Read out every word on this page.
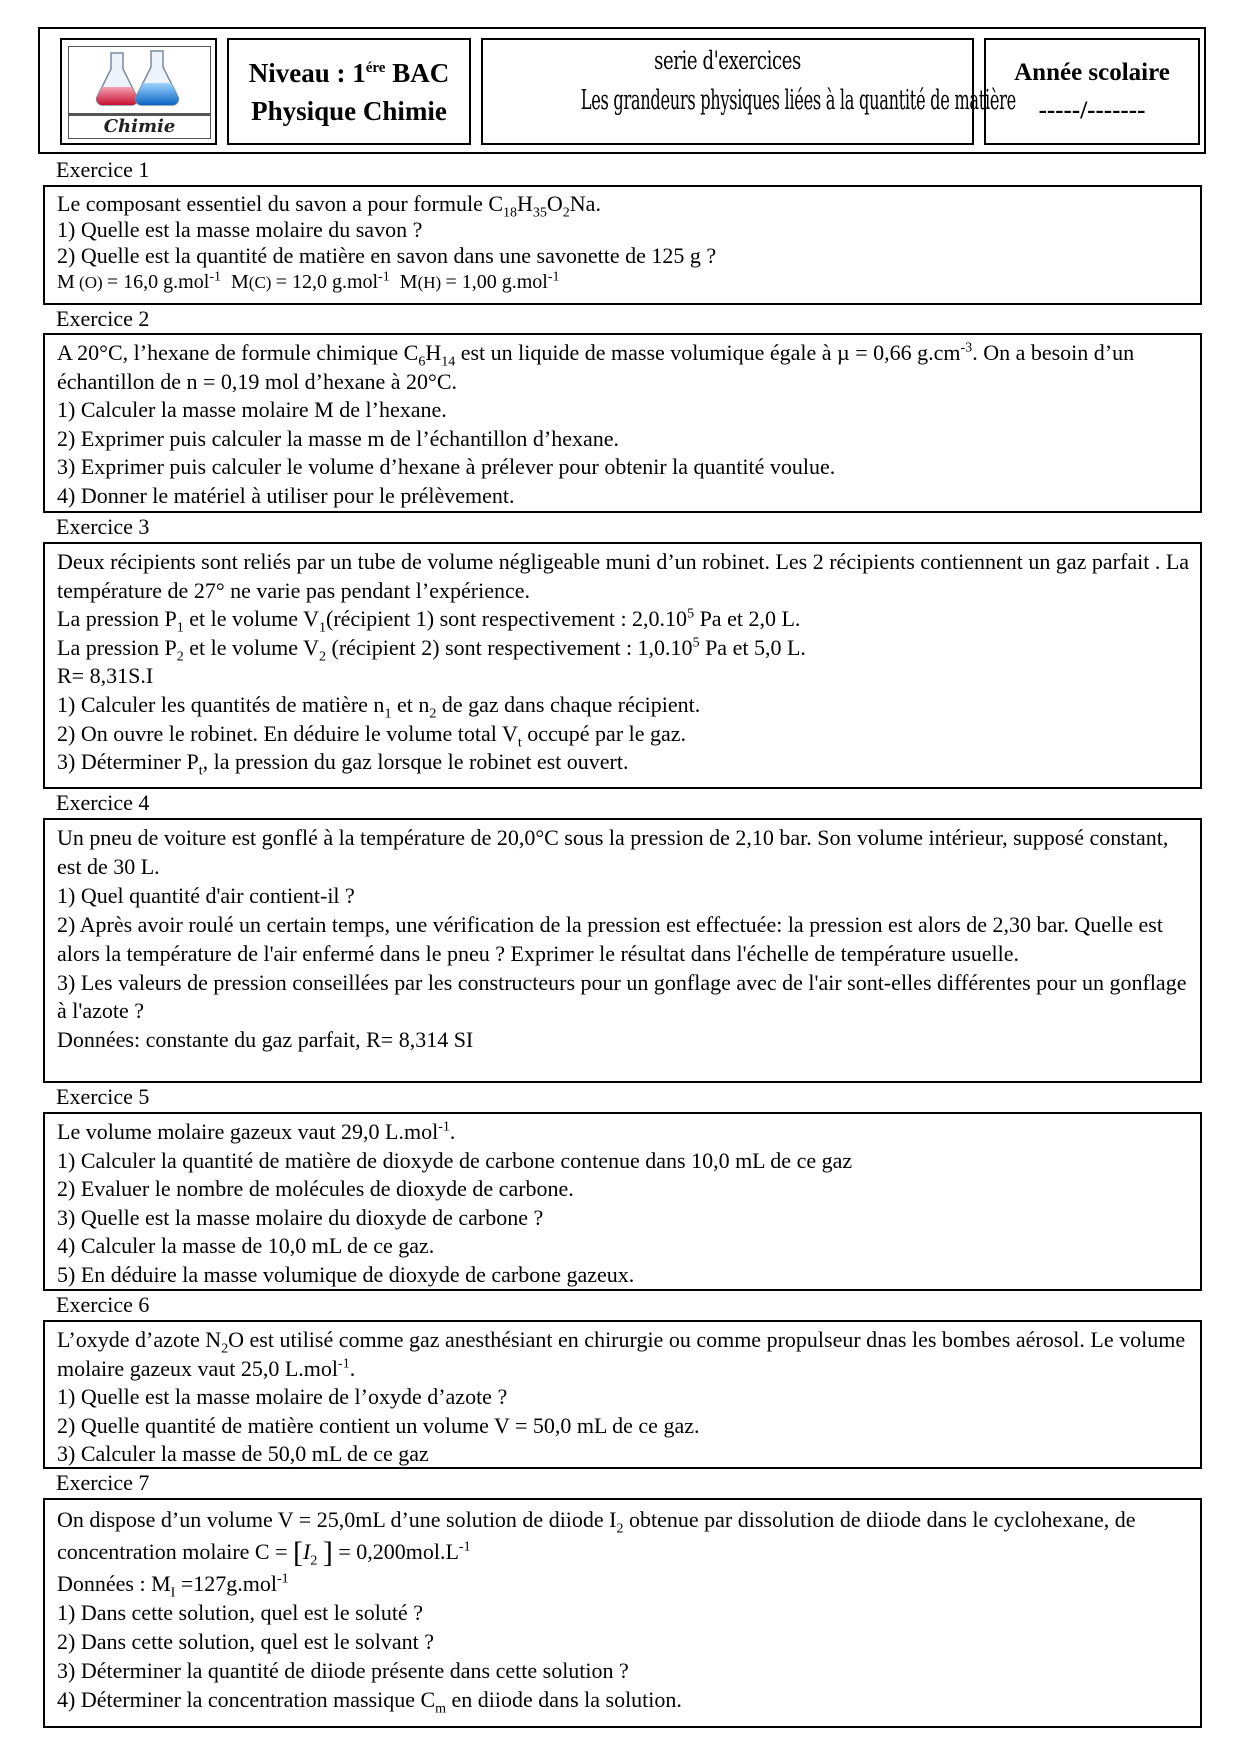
Chimie
Niveau : $1^{ére}$ BAC
Physique Chimie
serie d'exercices
Les grandeurs physiques liées à la quantité de matière
Année scolaire
-----/-------
Exercice 1

Le composant essentiel du savon a pour formule $C_{18}H_{35}O_2Na$.

1) Quelle est la masse molaire du savon ?

2) Quelle est la quantité de matière en savon dans une savonette de 125 g ?

M (O) = 16,0 g.mol$^{-1}$ M(C) = 12,0 g.mol$^{-1}$ M(H) = 1,00 g.mol$^{-1}$

Exercice 2

A 20°C, l’hexane de formule chimique $C_6H_{14}$ est un liquide de masse volumique égale à µ = 0,66 $g.cm^{-3}$. On a besoin d’un échantillon de n = 0,19 mol d’hexane à 20°C.

1) Calculer la masse molaire M de l’hexane.

2) Exprimer puis calculer la masse m de l’échantillon d’hexane.

3) Exprimer puis calculer le volume d’hexane à prélever pour obtenir la quantité voulue.

4) Donner le matériel à utiliser pour le prélèvement.

Exercice 3

Deux récipients sont reliés par un tube de volume négligeable muni d’un robinet. Les 2 récipients contiennent un gaz parfait . La température de 27° ne varie pas pendant l’expérience.

La pression $P_1$ et le volume $V_1(récipient$ 1) sont respectivement : 2,0.10$^5$ Pa et 2,0 L.

La pression $P_2$ et le volume $V_2$ (récipient 2) sont respectivement : 1,0.10$^5$ Pa et 5,0 L.

R= 8,31S.I

1) Calculer les quantités de matière $n_1$ et $n_2$ de gaz dans chaque récipient.

2) On ouvre le robinet. En déduire le volume total $V_t$ occupé par le gaz.

3) Déterminer $P_t$, la pression du gaz lorsque le robinet est ouvert.

Exercice 4

Un pneu de voiture est gonflé à la température de 20,0°C sous la pression de 2,10 bar. Son volume intérieur, supposé constant, est de 30 L.

1) Quel quantité d'air contient-il ?

2) Après avoir roulé un certain temps, une vérification de la pression est effectuée: la pression est alors de 2,30 bar. Quelle est alors la température de l'air enfermé dans le pneu ? Exprimer le résultat dans l'échelle de température usuelle.

3) Les valeurs de pression conseillées par les constructeurs pour un gonflage avec de l'air sont-elles différentes pour un gonflage à l'azote ?

Données: constante du gaz parfait, R= 8,314 SI

Exercice 5

Le volume molaire gazeux vaut 29,0 L.mol$^{-1}$.

1) Calculer la quantité de matière de dioxyde de carbone contenue dans 10,0 mL de ce gaz

2) Evaluer le nombre de molécules de dioxyde de carbone.

3) Quelle est la masse molaire du dioxyde de carbone ?

4) Calculer la masse de 10,0 mL de ce gaz.

5) En déduire la masse volumique de dioxyde de carbone gazeux.

Exercice 6

L’oxyde d’azote $N_2O$ est utilisé comme gaz anesthésiant en chirurgie ou comme propulseur dnas les bombes aérosol. Le volume molaire gazeux vaut 25,0 L.mol$^{-1}$.

1) Quelle est la masse molaire de l’oxyde d’azote ?

2) Quelle quantité de matière contient un volume V = 50,0 mL de ce gaz.

3) Calculer la masse de 50,0 mL de ce gaz

Exercice 7

On dispose d’un volume V = 25,0mL d’une solution de diiode $I_2$ obtenue par dissolution de diiode dans le cyclohexane, de concentration molaire $C = [I_2$ ] = $0,200mol.L^{-1}$

Données : $M_I =127g.mol^{-1}$

1) Dans cette solution, quel est le soluté ?

2) Dans cette solution, quel est le solvant ?

3) Déterminer la quantité de diiode présente dans cette solution ?

4) Déterminer la concentration massique $C_m$ en diiode dans la solution.
